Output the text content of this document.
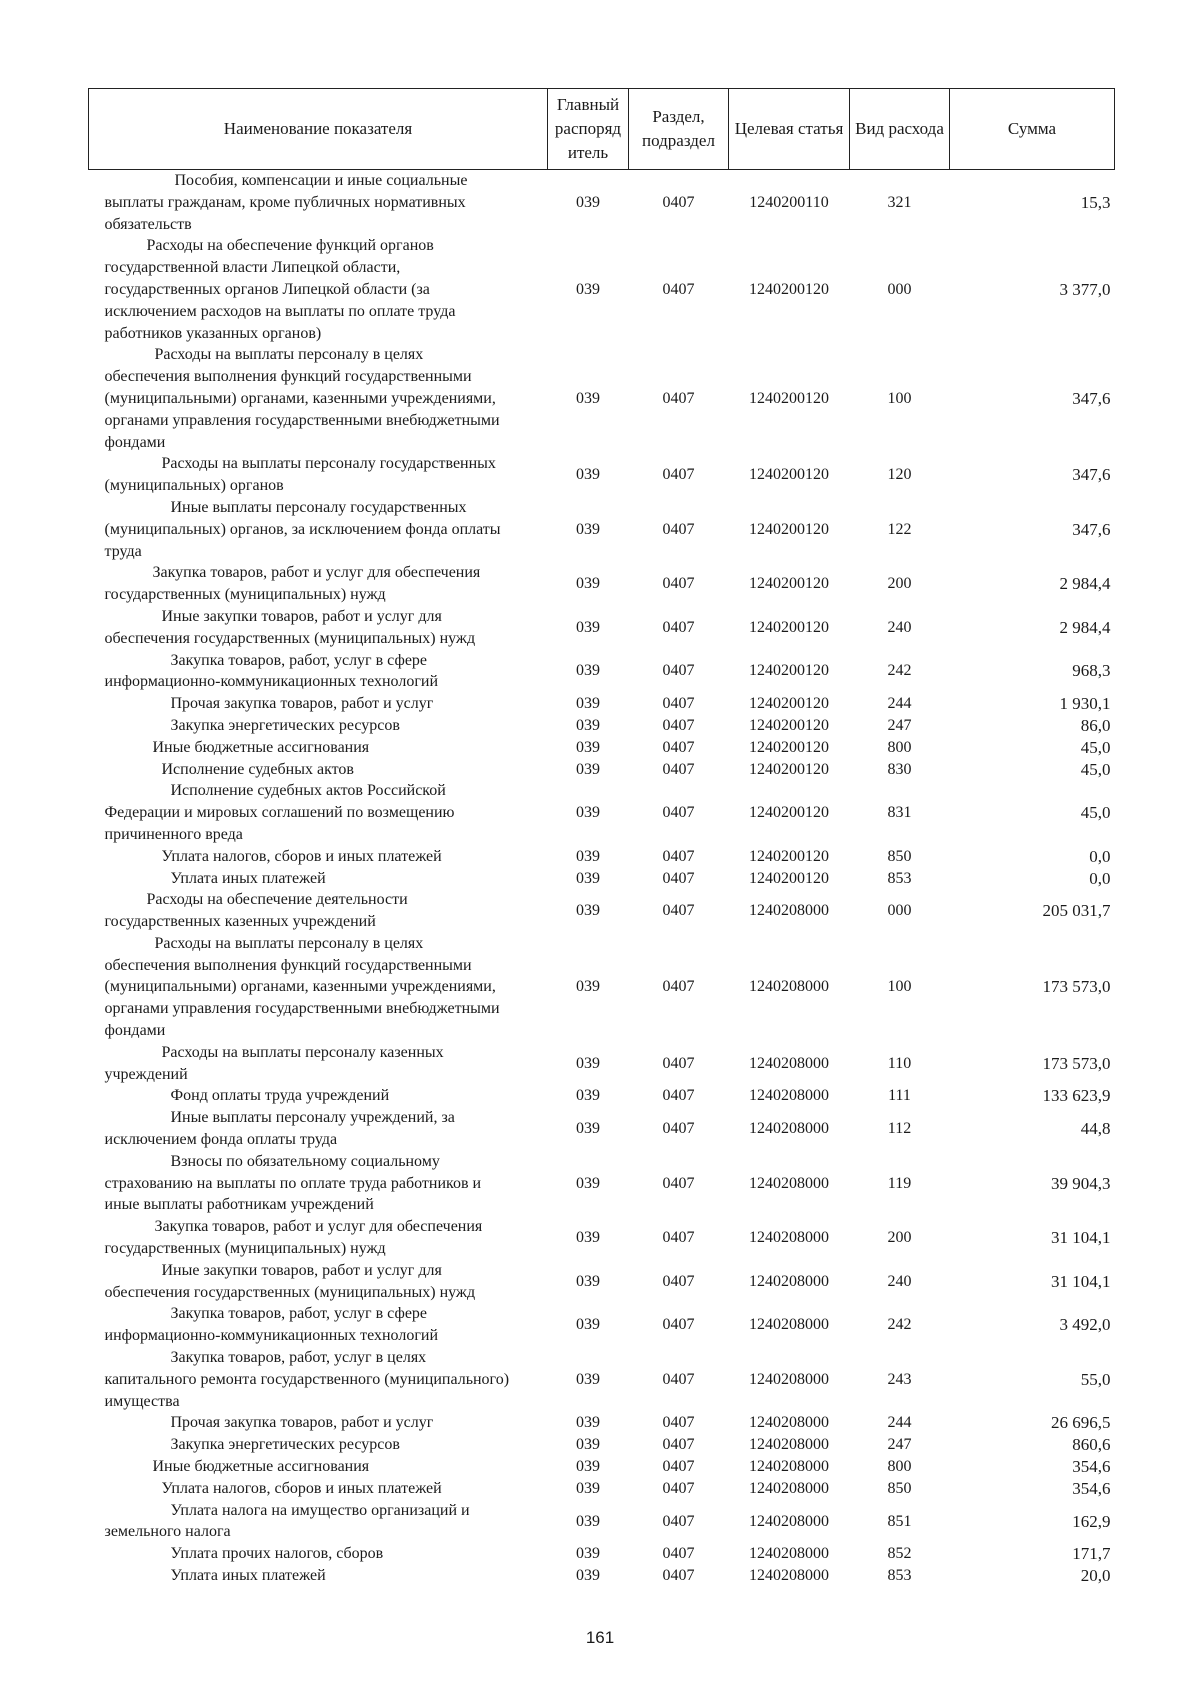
Наименование показателя	Главный распоряд итель	Раздел, подраздел	Целевая статья	Вид расхода	Сумма

Пособия, компенсации и иные социальные
выплаты гражданам, кроме публичных нормативных
обязательств	039	0407	1240200110	321	15,3

Расходы на обеспечение функций органов
государственной власти Липецкой области,
государственных органов Липецкой области (за
исключением расходов на выплаты по оплате труда
работников указанных органов)	039	0407	1240200120	000	3 377,0

Расходы на выплаты персоналу в целях
обеспечения выполнения функций государственными
(муниципальными) органами, казенными учреждениями,
органами управления государственными внебюджетными
фондами	039	0407	1240200120	100	347,6

Расходы на выплаты персоналу государственных
(муниципальных) органов	039	0407	1240200120	120	347,6

Иные выплаты персоналу государственных
(муниципальных) органов, за исключением фонда оплаты
труда	039	0407	1240200120	122	347,6

Закупка товаров, работ и услуг для обеспечения
государственных (муниципальных) нужд	039	0407	1240200120	200	2 984,4

Иные закупки товаров, работ и услуг для
обеспечения государственных (муниципальных) нужд	039	0407	1240200120	240	2 984,4

Закупка товаров, работ, услуг в сфере
информационно-коммуникационных технологий	039	0407	1240200120	242	968,3

Прочая закупка товаров, работ и услуг	039	0407	1240200120	244	1 930,1

Закупка энергетических ресурсов	039	0407	1240200120	247	86,0

Иные бюджетные ассигнования	039	0407	1240200120	800	45,0

Исполнение судебных актов	039	0407	1240200120	830	45,0

Исполнение судебных актов Российской
Федерации и мировых соглашений по возмещению
причиненного вреда	039	0407	1240200120	831	45,0

Уплата налогов, сборов и иных платежей	039	0407	1240200120	850	0,0

Уплата иных платежей	039	0407	1240200120	853	0,0

Расходы на обеспечение деятельности
государственных казенных учреждений	039	0407	1240208000	000	205 031,7

Расходы на выплаты персоналу в целях
обеспечения выполнения функций государственными
(муниципальными) органами, казенными учреждениями,
органами управления государственными внебюджетными
фондами	039	0407	1240208000	100	173 573,0

Расходы на выплаты персоналу казенных
учреждений	039	0407	1240208000	110	173 573,0

Фонд оплаты труда учреждений	039	0407	1240208000	111	133 623,9

Иные выплаты персоналу учреждений, за
исключением фонда оплаты труда	039	0407	1240208000	112	44,8

Взносы по обязательному социальному
страхованию на выплаты по оплате труда работников и
иные выплаты работникам учреждений	039	0407	1240208000	119	39 904,3

Закупка товаров, работ и услуг для обеспечения
государственных (муниципальных) нужд	039	0407	1240208000	200	31 104,1

Иные закупки товаров, работ и услуг для
обеспечения государственных (муниципальных) нужд	039	0407	1240208000	240	31 104,1

Закупка товаров, работ, услуг в сфере
информационно-коммуникационных технологий	039	0407	1240208000	242	3 492,0

Закупка товаров, работ, услуг в целях
капитального ремонта государственного (муниципального)
имущества	039	0407	1240208000	243	55,0

Прочая закупка товаров, работ и услуг	039	0407	1240208000	244	26 696,5

Закупка энергетических ресурсов	039	0407	1240208000	247	860,6

Иные бюджетные ассигнования	039	0407	1240208000	800	354,6

Уплата налогов, сборов и иных платежей	039	0407	1240208000	850	354,6

Уплата налога на имущество организаций и
земельного налога	039	0407	1240208000	851	162,9

Уплата прочих налогов, сборов	039	0407	1240208000	852	171,7

Уплата иных платежей	039	0407	1240208000	853	20,0
161
